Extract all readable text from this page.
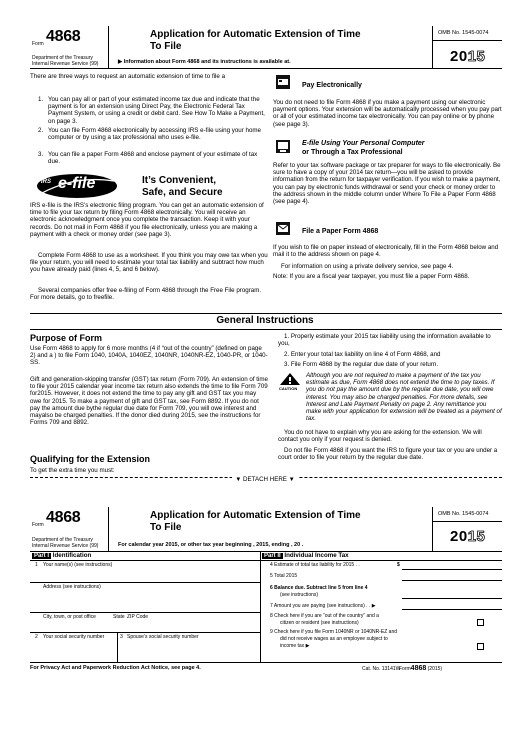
Form 4868
Department of the Treasury
Internal Revenue Service (99)
Application for Automatic Extension of Time
To File
▶ Information about Form 4868 and its instructions is available at.
OMB No. 1545-0074
2015
There are three ways to request an automatic extension of time to file a
1. You can pay all or part of your estimated income tax due and indicate that the payment is for an extension using Direct Pay, the Electronic Federal Tax Payment System, or using a credit or debit card. See How To Make a Payment, on page 3.
2. You can file Form 4868 electronically by accessing IRS e-file using your home computer or by using a tax professional who uses e-file.
3. You can file a paper Form 4868 and enclose payment of your estimate of tax due.
IRS e-file	It’s Convenient,
Safe, and Secure
IRS e-file is the IRS’s electronic filing program. You can get an automatic extension of time to file your tax return by filing Form 4868 electronically. You will receive an electronic acknowledgment once you complete the transaction. Keep it with your records. Do not mail in Form 4868 if you file electronically, unless you are making a payment with a check or money order (see page 3).
Complete Form 4868 to use as a worksheet. If you think you may owe tax when you file your return, you will need to estimate your total tax liability and subtract how much you have already paid (lines 4, 5, and 6 below).
Several companies offer free e-filing of Form 4868 through the Free File program. For more details, go to freefile.
Pay Electronically
You do not need to file Form 4868 if you make a payment using our electronic payment options. Your extension will be automatically processed when you pay part or all of your estimated income tax electronically. You can pay online or by phone (see page 3).
E-file Using Your Personal Computer
or Through a Tax Professional
Refer to your tax software package or tax preparer for ways to file electronically. Be sure to have a copy of your 2014 tax return—you will be asked to provide information from the return for taxpayer verification. If you wish to make a payment, you can pay by electronic funds withdrawal or send your check or money order to the address shown in the middle column under Where To File a Paper Form 4868 (see page 4).
File a Paper Form 4868
If you wish to file on paper instead of electronically, fill in the Form 4868 below and mail it to the address shown on page 4.
For information on using a private delivery service, see page 4.
Note: If you are a fiscal year taxpayer, you must file a paper Form 4868.
General Instructions
Purpose of Form
Use Form 4868 to apply for 6 more months (4 if “out of the country” (defined on page 2) and a ) to file Form 1040, 1040A, 1040EZ, 1040NR, 1040NR-EZ, 1040-PR, or 1040-SS.
Gift and generation-skipping transfer (GST) tax return (Form 709). An extension of time to file your 2015 calendar year income tax return also extends the time to file Form 709 for2015. However, it does not extend the time to pay any gift and GST tax you may owe for 2015. To make a payment of gift and GST tax, see Form 8892. If you do not pay the amount due bythe regular due date for Form 709, you will owe interest and mayalso be charged penalties. If the donor died during 2015, see the instructions for Forms 709 and 8892.
Qualifying for the Extension
To get the extra time you must:
1. Properly estimate your 2015 tax liability using the information available to you,
2. Enter your total tax liability on line 4 of Form 4868, and
3. File Form 4868 by the regular due date of your return.
CAUTION
Although you are not required to make a payment of the tax you estimate as due, Form 4868 does not extend the time to pay taxes. If you do not pay the amount due by the regular due date, you will owe interest. You may also be charged penalties. For more details, see Interest and Late Payment Penalty on page 2. Any remittance you make with your application for extension will be treated as a payment of tax.
You do not have to explain why you are asking for the extension. We will contact you only if your request is denied.
Do not file Form 4868 if you want the IRS to figure your tax or you are under a court order to file your return by the regular due date.
▼ DETACH HERE ▼
Form 4868
Department of the Treasury
Internal Revenue Service (99)
Application for Automatic Extension of Time
To File
For calendar year 2015, or other tax year beginning , 2015, ending , 20 .
OMB No. 1545-0074
2015
Part I Identification	Part II Individual Income Tax
1 Your name(s) (see instructions)
Address (see instructions)
City, town, or post office	State ZIP Code
2 Your social security number	3 Spouse’s social security number
4 Estimate of total tax liability for 2015 . .	$
5 Total 2015
6 Balance due. Subtract line 5 from line 4
(see instructions)
7 Amount you are paying (see instructions) . . ▶
8 Check here if you are “out of the country” and a
citizen or resident (see instructions)
9 Check here if you file Form 1040NR or 1040NR-EZ and
did not receive wages as an employee subject to
income tax ▶
For Privacy Act and Paperwork Reduction Act Notice, see page 4.	Cat. No. 13141W
Form4868 (2015)
